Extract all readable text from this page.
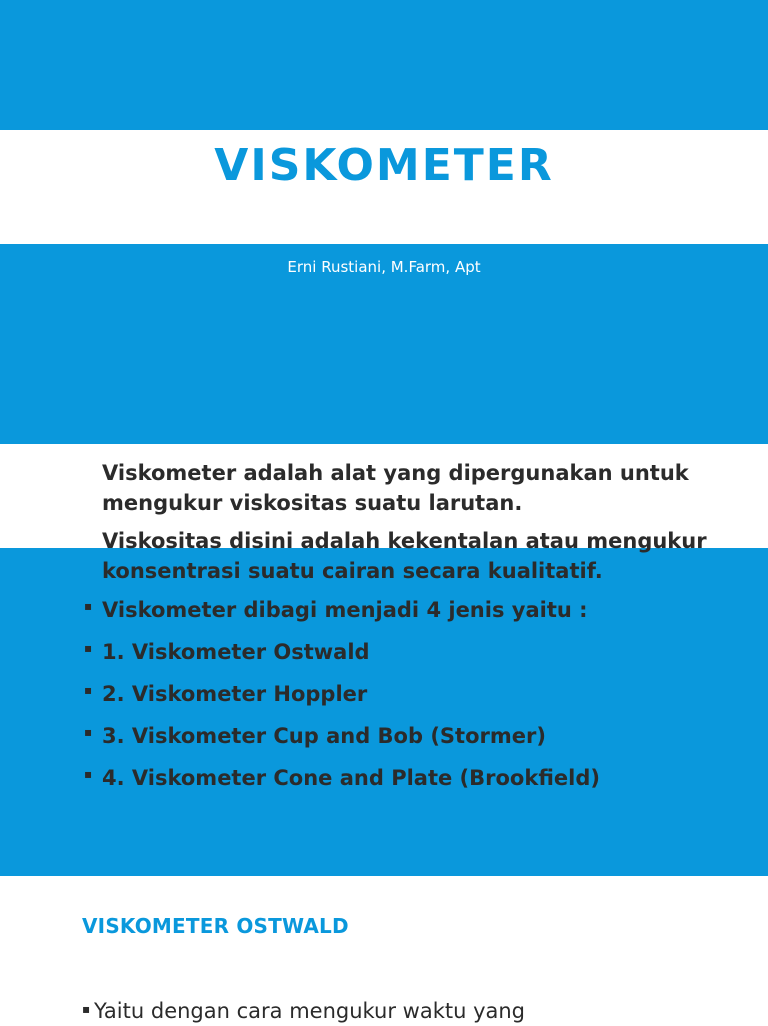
VISKOMETER

Erni Rustiani, M.Farm, Apt

Viskometer adalah alat yang dipergunakan untuk mengukur viskositas suatu larutan.

Viskositas disini adalah kekentalan atau mengukur konsentrasi suatu cairan secara kualitatif.

▪ Viskometer dibagi menjadi 4 jenis yaitu :
▪ 1. Viskometer Ostwald
▪ 2. Viskometer Hoppler
▪ 3. Viskometer Cup and Bob (Stormer)
▪ 4. Viskometer Cone and Plate (Brookfield)
VISKOMETER OSTWALD
▪ Yaitu dengan cara mengukur waktu yang
